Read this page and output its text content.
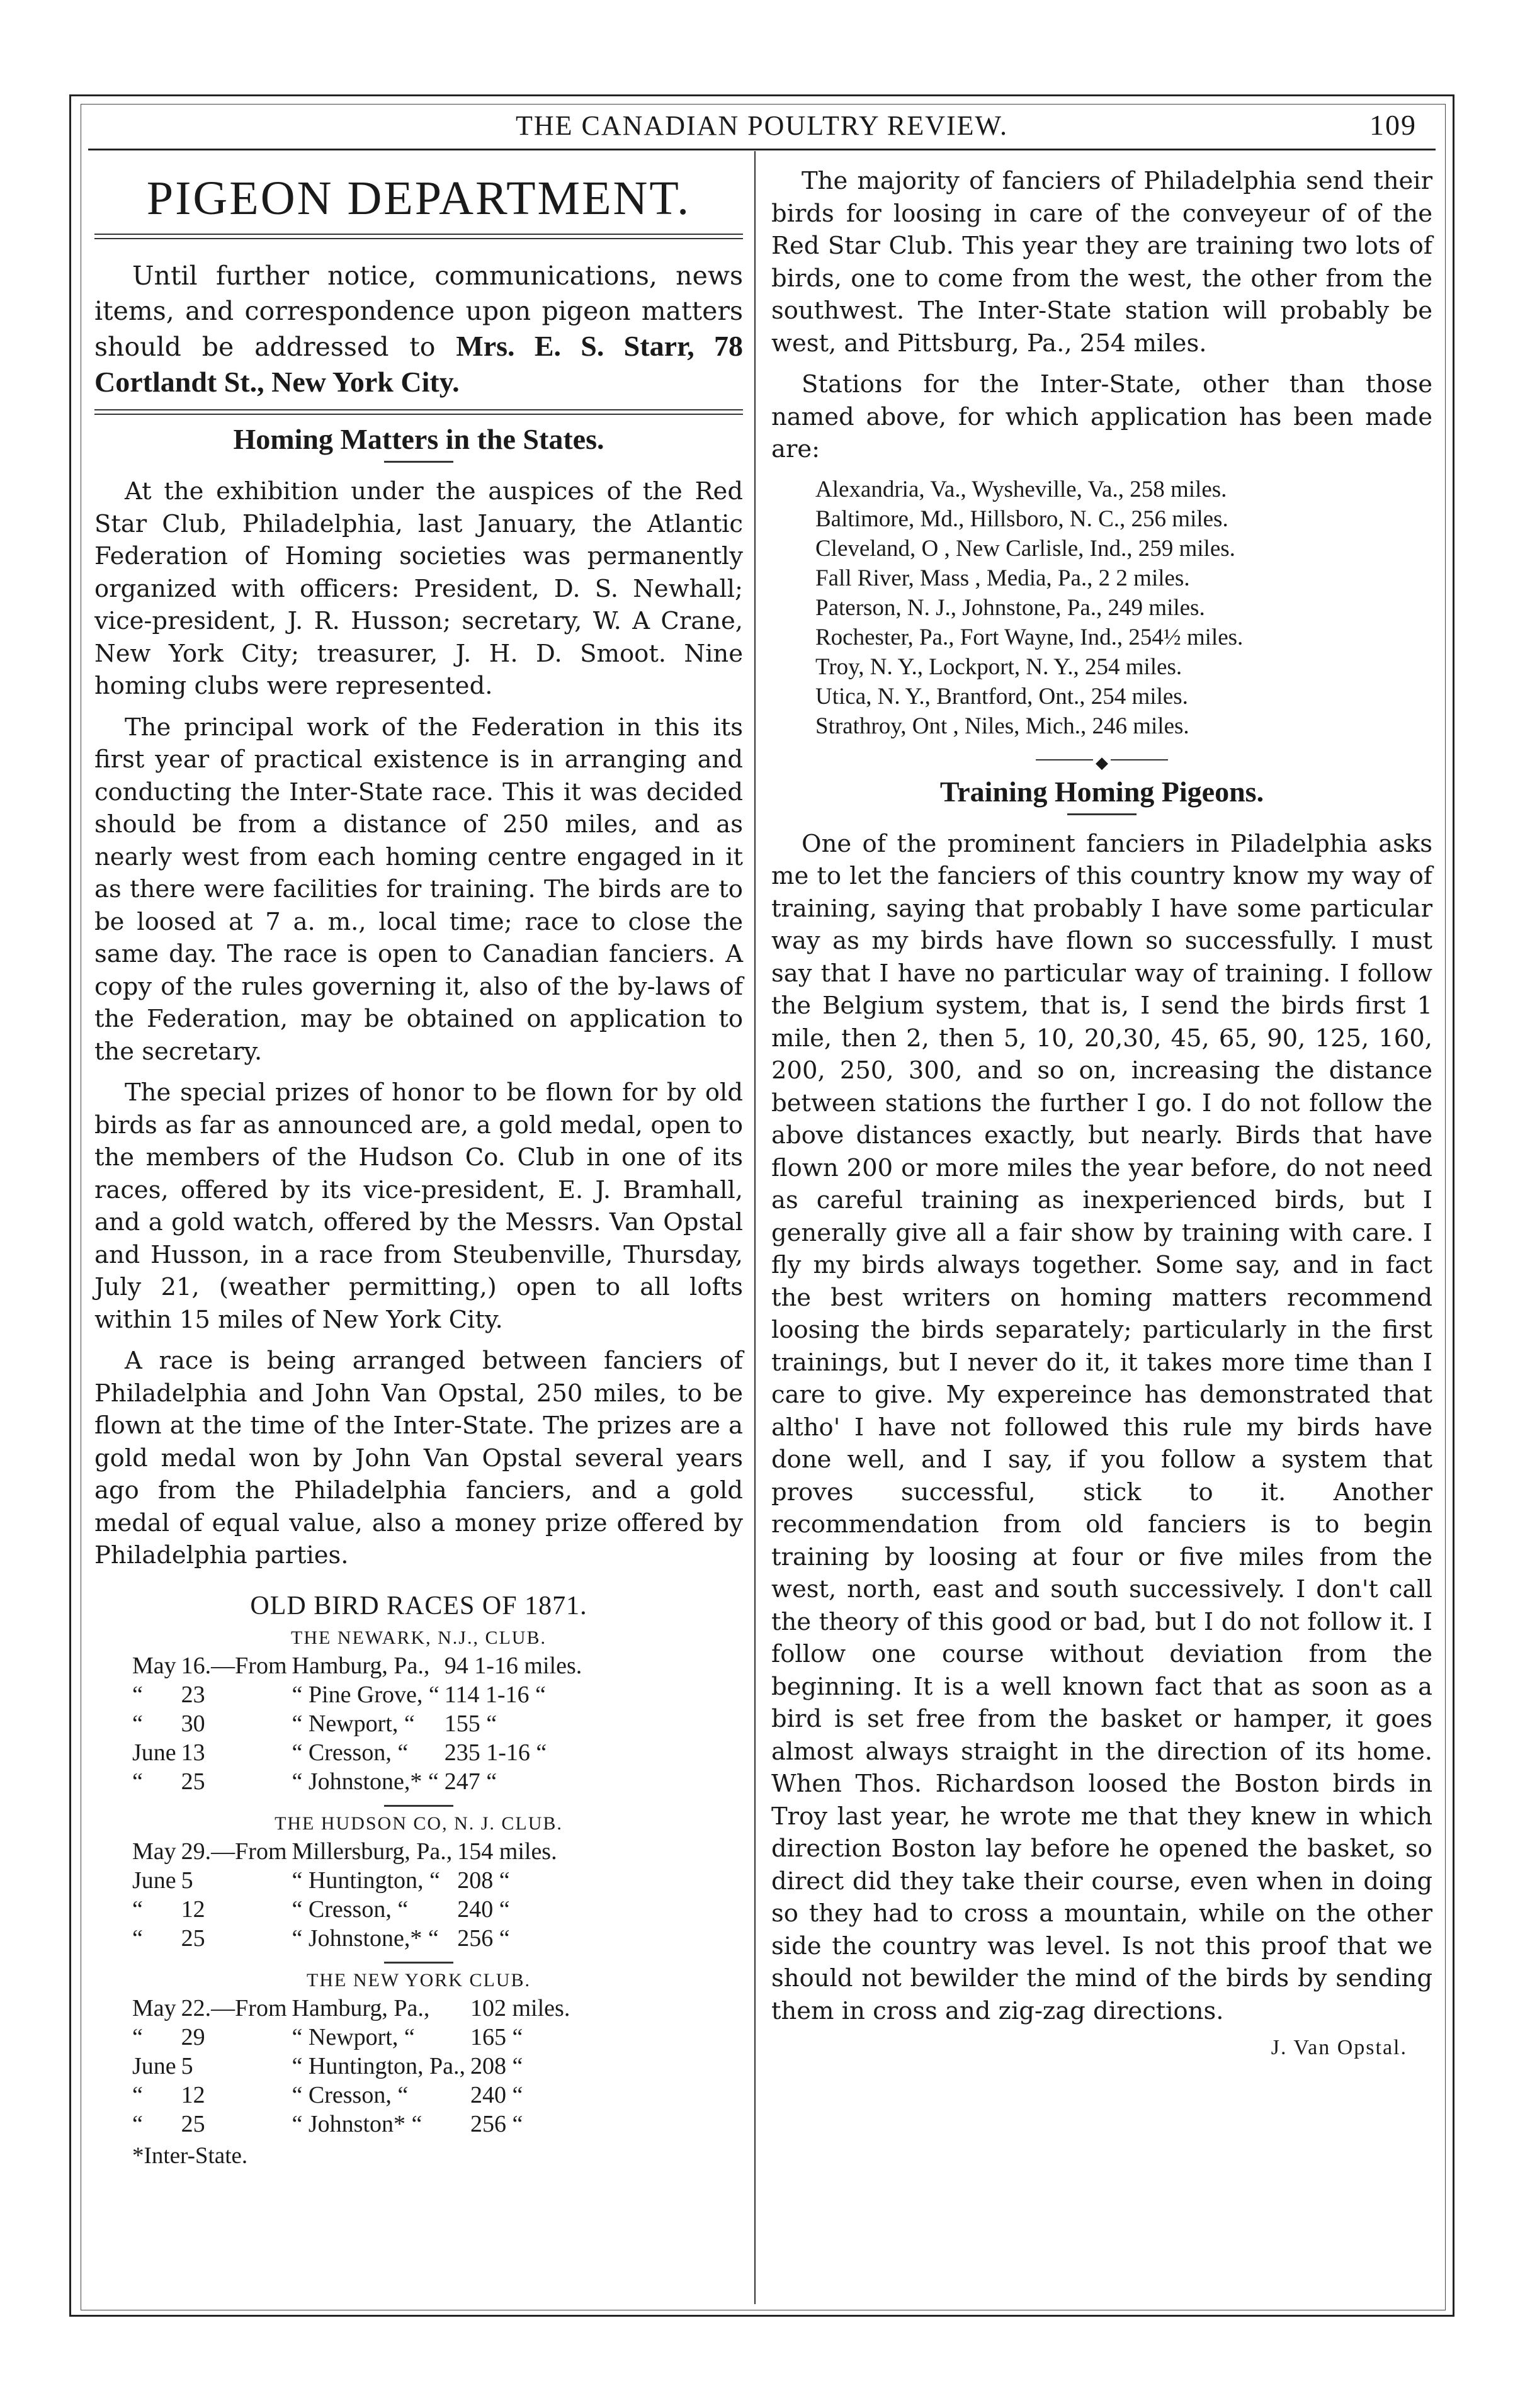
THE CANADIAN POULTRY REVIEW.	109
PIGEON DEPARTMENT.
Until further notice, communications, news items, and correspondence upon pigeon matters should be addressed to Mrs. E. S. Starr, 78 Cortlandt St., New York City.
Homing Matters in the States.

At the exhibition under the auspices of the Red Star Club, Philadelphia, last January, the Atlantic Federation of Homing societies was permanently organized with officers: President, D. S. Newhall; vice-president, J. R. Husson; secretary, W. A Crane, New York City; treasurer, J. H. D. Smoot. Nine homing clubs were represented.

The principal work of the Federation in this its first year of practical existence is in arranging and conducting the Inter-State race. This it was decided should be from a distance of 250 miles, and as nearly west from each homing centre engaged in it as there were facilities for training. The birds are to be loosed at 7 a. m., local time; race to close the same day. The race is open to Canadian fanciers. A copy of the rules governing it, also of the by-laws of the Federation, may be obtained on application to the secretary.

The special prizes of honor to be flown for by old birds as far as announced are, a gold medal, open to the members of the Hudson Co. Club in one of its races, offered by its vice-president, E. J. Bramhall, and a gold watch, offered by the Messrs. Van Opstal and Husson, in a race from Steubenville, Thursday, July 21, (weather permitting,) open to all lofts within 15 miles of New York City.

A race is being arranged between fanciers of Philadelphia and John Van Opstal, 250 miles, to be flown at the time of the Inter-State. The prizes are a gold medal won by John Van Opstal several years ago from the Philadelphia fanciers, and a gold medal of equal value, also a money prize offered by Philadelphia parties.

OLD BIRD RACES OF 1871.
THE NEWARK, N.J., CLUB.
May	16.—From	Hamburg, Pa.,	94 1-16 miles.
“	23	“ Pine Grove, “	114 1-16 “
“	30	“ Newport, “	155 “
June	13	“ Cresson, “	235 1-16 “
“	25	“ Johnstone,* “	247 “
THE HUDSON CO, N. J. CLUB.
May	29.—From	Millersburg, Pa.,	154 miles.
June	5	“ Huntington, “	208 “
“	12	“ Cresson, “	240 “
“	25	“ Johnstone,* “	256 “
THE NEW YORK CLUB.
May	22.—From	Hamburg, Pa.,	102 miles.
“	29	“ Newport, “	165 “
June	5	“ Huntington, Pa.,	208 “
“	12	“ Cresson, “	240 “
“	25	“ Johnston* “	256 “
*Inter-State.

The majority of fanciers of Philadelphia send their birds for loosing in care of the conveyeur of of the Red Star Club. This year they are training two lots of birds, one to come from the west, the other from the southwest. The Inter-State station will probably be west, and Pittsburg, Pa., 254 miles.

Stations for the Inter-State, other than those named above, for which application has been made are:

Alexandria, Va., Wysheville, Va., 258 miles.
Baltimore, Md., Hillsboro, N. C., 256 miles.
Cleveland, O , New Carlisle, Ind., 259 miles.
Fall River, Mass , Media, Pa., 2 2 miles.
Paterson, N. J., Johnstone, Pa., 249 miles.
Rochester, Pa., Fort Wayne, Ind., 254½ miles.
Troy, N. Y., Lockport, N. Y., 254 miles.
Utica, N. Y., Brantford, Ont., 254 miles.
Strathroy, Ont , Niles, Mich., 246 miles.
◆
Training Homing Pigeons.

One of the prominent fanciers in Piladelphia asks me to let the fanciers of this country know my way of training, saying that probably I have some particular way as my birds have flown so successfully. I must say that I have no particular way of training. I follow the Belgium system, that is, I send the birds first 1 mile, then 2, then 5, 10, 20,30, 45, 65, 90, 125, 160, 200, 250, 300, and so on, increasing the distance between stations the further I go. I do not follow the above distances exactly, but nearly. Birds that have flown 200 or more miles the year before, do not need as careful training as inexperienced birds, but I generally give all a fair show by training with care. I fly my birds always together. Some say, and in fact the best writers on homing matters recommend loosing the birds separately; particularly in the first trainings, but I never do it, it takes more time than I care to give. My expereince has demonstrated that altho' I have not followed this rule my birds have done well, and I say, if you follow a system that proves successful, stick to it. Another recommendation from old fanciers is to begin training by loosing at four or five miles from the west, north, east and south successively. I don't call the theory of this good or bad, but I do not follow it. I follow one course without deviation from the beginning. It is a well known fact that as soon as a bird is set free from the basket or hamper, it goes almost always straight in the direction of its home. When Thos. Richardson loosed the Boston birds in Troy last year, he wrote me that they knew in which direction Boston lay before he opened the basket, so direct did they take their course, even when in doing so they had to cross a mountain, while on the other side the country was level. Is not this proof that we should not bewilder the mind of the birds by sending them in cross and zig-zag directions.

J. Van Opstal.
